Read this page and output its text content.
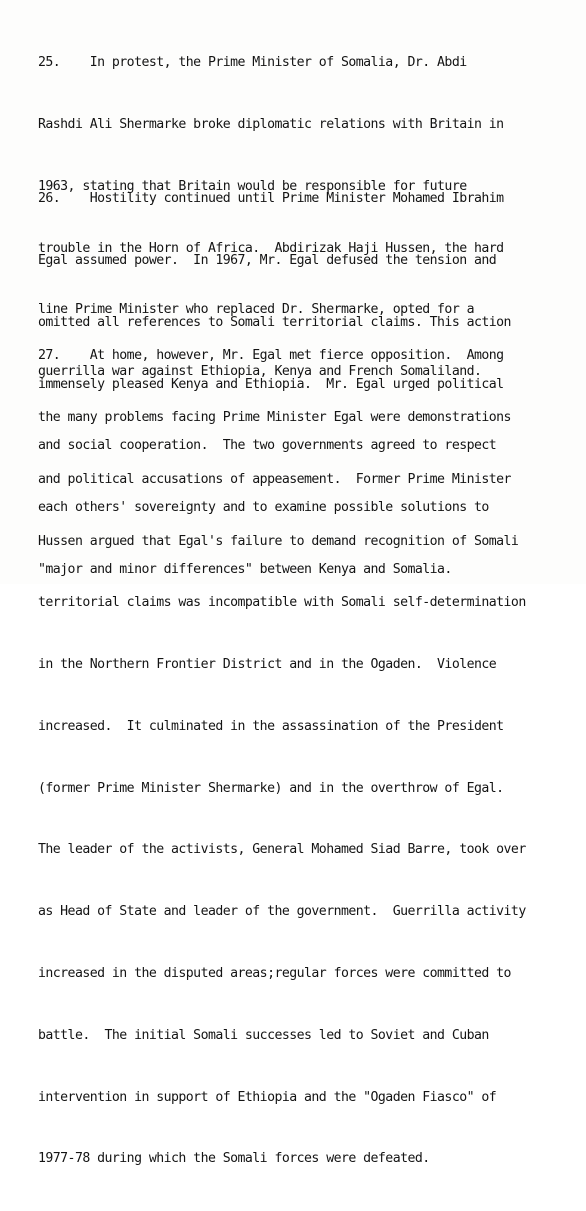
25.    In protest, the Prime Minister of Somalia, Dr. Abdi

Rashdi Ali Shermarke broke diplomatic relations with Britain in

1963, stating that Britain would be responsible for future

trouble in the Horn of Africa.  Abdirizak Haji Hussen, the hard

line Prime Minister who replaced Dr. Shermarke, opted for a

guerrilla war against Ethiopia, Kenya and French Somaliland.

26.    Hostility continued until Prime Minister Mohamed Ibrahim

Egal assumed power.  In 1967, Mr. Egal defused the tension and

omitted all references to Somali territorial claims. This action

immensely pleased Kenya and Ethiopia.  Mr. Egal urged political

and social cooperation.  The two governments agreed to respect

each others' sovereignty and to examine possible solutions to

"major and minor differences" between Kenya and Somalia.

27.    At home, however, Mr. Egal met fierce opposition.  Among

the many problems facing Prime Minister Egal were demonstrations

and political accusations of appeasement.  Former Prime Minister

Hussen argued that Egal's failure to demand recognition of Somali

territorial claims was incompatible with Somali self-determination

in the Northern Frontier District and in the Ogaden.  Violence

increased.  It culminated in the assassination of the President

(former Prime Minister Shermarke) and in the overthrow of Egal.

The leader of the activists, General Mohamed Siad Barre, took over

as Head of State and leader of the government.  Guerrilla activity

increased in the disputed areas;regular forces were committed to

battle.  The initial Somali successes led to Soviet and Cuban

intervention in support of Ethiopia and the "Ogaden Fiasco" of

1977-78 during which the Somali forces were defeated.
